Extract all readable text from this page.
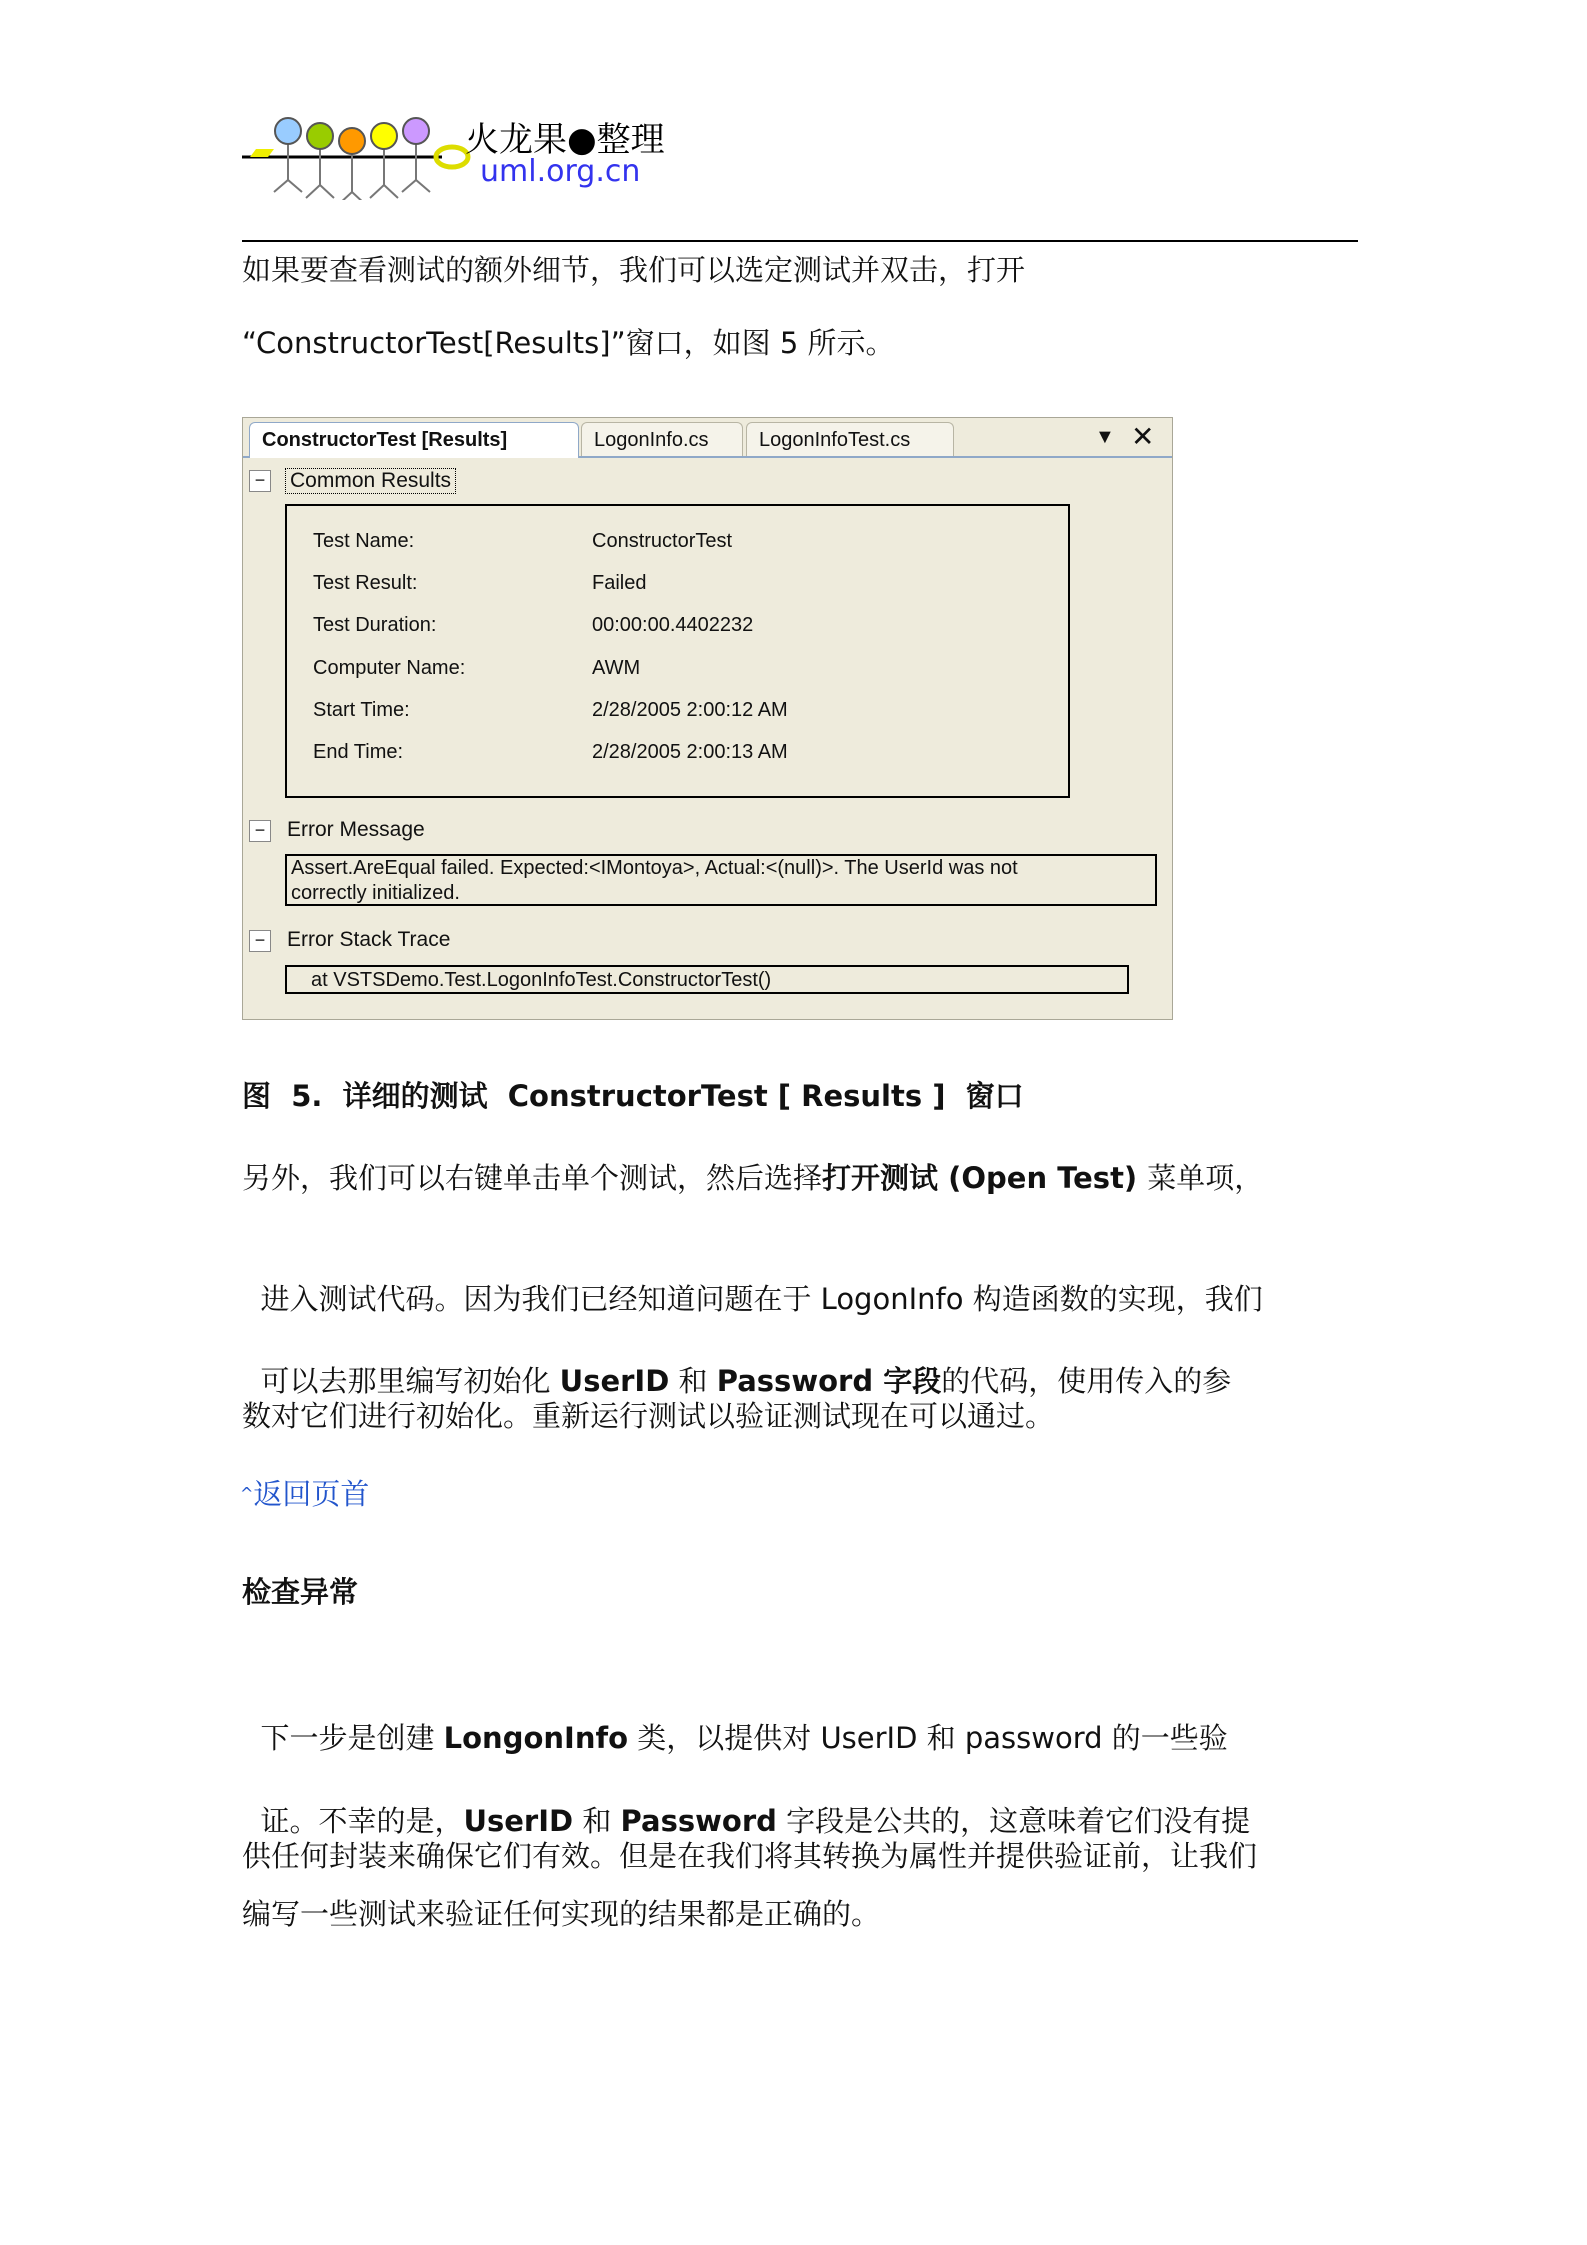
火龙果●整理
uml.org.cn
如果要查看测试的额外细节，我们可以选定测试并双击，打开
“ConstructorTest[Results]”窗口，如图 5 所示。
ConstructorTest [Results]	LogonInfo.cs	LogonInfoTest.cs	▼ ✕
− Common Results
Test Name:	ConstructorTest
Test Result:	Failed
Test Duration:	00:00:00.4402232
Computer Name:	AWM
Start Time:	2/28/2005 2:00:12 AM
End Time:	2/28/2005 2:00:13 AM
− Error Message
Assert.AreEqual failed. Expected:<IMontoya>, Actual:<(null)>. The UserId was not
correctly initialized.
− Error Stack Trace
at VSTSDemo.Test.LogonInfoTest.ConstructorTest()
图  5.  详细的测试  ConstructorTest [ Results ]  窗口
另外，我们可以右键单击单个测试，然后选择打开测试 (Open Test) 菜单项，

进入测试代码。因为我们已经知道问题在于 LogonInfo 构造函数的实现，我们

可以去那里编写初始化 UserID 和 Password 字段的代码，使用传入的参

数对它们进行初始化。重新运行测试以验证测试现在可以通过。
^返回页首
检查异常

下一步是创建 LongonInfo 类，以提供对 UserID 和 password 的一些验

证。不幸的是，UserID 和 Password 字段是公共的，这意味着它们没有提

供任何封装来确保它们有效。但是在我们将其转换为属性并提供验证前，让我们
编写一些测试来验证任何实现的结果都是正确的。
